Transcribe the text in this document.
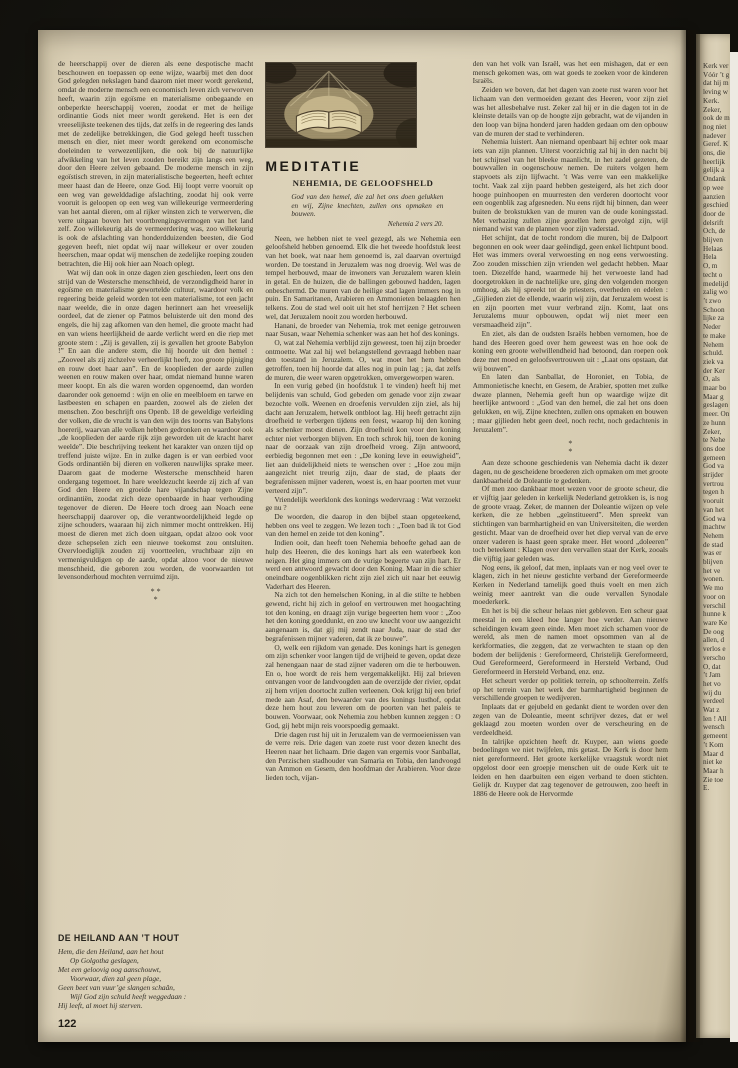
de heerschappij over de dieren als eene despotische macht beschouwen en toepassen op eene wijze, waarbij met den door God gelegden nekslagen band daarom niet meer wordt gerekend, omdat de moderne mensch een economisch leven zich verworven heeft, waarin zijn egoïsme en materialisme onbegaande en onbeperkte heerschappij voeren, zoodat er met de heilige ordinantie Gods niet meer wordt gerekend. Het is een der vreeselijkste teekenen des tijds, dat zelfs in de regeering des lands met de zedelijke betrekkingen, die God gelegd heeft tusschen mensch en dier, niet meer wordt gerekend om economische doeleinden te verwezenlijken, die ook bij de natuurlijke afwikkeling van het leven zouden bereikt zijn langs een weg, door den Heere zelven gebaand. De moderne mensch in zijn egoïstisch streven, in zijn materialistische begeerten, heeft echter meer haast dan de Heere, onze God. Hij loopt verre vooruit op een weg van gewelddadige afslachting, zoodat hij ook verre vooruit is geloopen op een weg van willekeurige vermeerdering van het aantal dieren, om al rijker winsten zich te verwerven, die verre uitgaan boven het voortbrengingsvermogen van het land zelf. Zoo willekeurig als de vermeerdering was, zoo willekeurig is ook de afslachting van honderdduizenden beesten, die God gegeven heeft, niet opdat wij naar willekeur er over zouden heerschen, maar opdat wij menschen de zedelijke roeping zouden betrachten, die Hij ook hier aan Noach oplegt.

Wat wij dan ook in onze dagen zien geschieden, leert ons den strijd van de Westersche menschheid, de verzondigdheid harer in egoïsme en materialisme gewortelde cultuur, waardoor volk en regeering beide geleid worden tot een materialisme, tot een jacht naar weelde, die in onze dagen herinnert aan het vreeselijk oordeel, dat de ziener op Patmos beluisterde uit den mond des engels, die hij zag afkomen van den hemel, die groote macht had en van wiens heerlijkheid de aarde verlicht werd en die riep met groote stem : „Zij is gevallen, zij is gevallen het groote Babylon !” En aan die andere stem, die hij hoorde uit den hemel : „Zooveel als zij zichzelve verheerlijkt heeft, zoo groote pijniging en rouw doet haar aan”. En de kooplieden der aarde zullen weenen en rouw maken over haar, omdat niemand hunne waren meer koopt. En als die waren worden opgenoemd, dan worden daaronder ook genoemd : wijn en olie en meelbloem en tarwe en lastbeesten en schapen en paarden, zoowel als de zielen der menschen. Zoo beschrijft ons Openb. 18 de geweldige verleiding der volken, die de vrucht is van den wijn des toorns van Babylons hoererij, waarvan alle volken hebben gedronken en waardoor ook „de kooplieden der aarde rijk zijn geworden uit de kracht harer weelde”. Die beschrijving teekent het karakter van onzen tijd op treffend juiste wijze. En in zulke dagen is er van eerbied voor Gods ordinantiën bij dieren en volkeren nauwlijks sprake meer. Daarom gaat de moderne Westersche menschheid haren ondergang tegemoet. In hare weeldezucht keerde zij zich af van God den Heere en groeide hare vijandschap tegen Zijne ordinantiën, zoodat zich deze openbaarde in haar verhouding tegenover de dieren. De Heere toch droeg aan Noach eene heerschappij daarover op, die verantwoordelijkheid legde op zijne schouders, waaraan hij zich nimmer mocht onttrekken. Hij moest de dieren met zich doen uitgaan, opdat alzoo ook voor deze schepselen zich een nieuwe toekomst zou ontsluiten. Overvloediglijk zouden zij voortteelen, vruchtbaar zijn en vermenigvuldigen op de aarde, opdat alzoo voor de nieuwe menschheid, die geboren zou worden, de voorwaarden tot levensonderhoud mochten verruimd zijn.

* *
*
DE HEILAND AAN ’T HOUT
Hem, die den Heiland, aan het hout
Op Golgotha geslagen,
Met een geloovig oog aanschouwt,
Voorwaar, dien zal geen plage,
Geen beet van vuur’ge slangen schaân,
Wijl God zijn schuld heeft weggedaan :
Hij leeft, al moet hij sterven.
122
MEDITATIE
NEHEMIA, DE GELOOFSHELD
God van den hemel, die zal het ons doen gelukken en wij, Zijne knechten, zullen ons opmaken en bouwen.
Nehemia 2 vers 20.

Neen, we hebben niet te veel gezegd, als we Nehemia een geloofsheld hebben genoemd. Elk die het tweede hoofdstuk leest van het boek, wat naar hem genoemd is, zal daarvan overtuigd worden. De toestand in Jeruzalem was nog droevig. Wel was de tempel herbouwd, maar de inwoners van Jeruzalem waren klein in getal. En de huizen, die de ballingen gebouwd hadden, lagen onbeschermd. De muren van de heilige stad lagen immers nog in puin. En Samaritanen, Arabieren en Ammonieten belaagden hen telkens. Zou de stad wel ooit uit het stof herrijzen ? Het scheen wel, dat Jeruzalem nooit zou worden herbouwd.

Hanani, de broeder van Nehemia, trok met eenige getrouwen naar Susan, waar Nehemia schenker was aan het hof des konings.

O, wat zal Nehemia verblijd zijn geweest, toen hij zijn broeder ontmoette. Wat zal hij wel belangstellend gevraagd hebben naar den toestand in Jeruzalem. O, wat moet het hem hebben getroffen, toen hij hoorde dat alles nog in puin lag ; ja, dat zelfs de muren, die weer waren opgetrokken, omvergeworpen waren.

In een vurig gebed (in hoofdstuk 1 te vinden) heeft hij met belijdenis van schuld, God gebeden om genade voor zijn zwaar bezochte volk. Weenen en droefenis vervulden zijn ziel, als hij dacht aan Jeruzalem, hetwelk ontbloot lag. Hij heeft getracht zijn droefheid te verbergen tijdens een feest, waarop hij den koning als schenker moest dienen. Zijn droefheid kon voor den koning echter niet verborgen blijven. En toch schrok hij, toen de koning naar de oorzaak van zijn droefheid vroeg. Zijn antwoord, eerbiedig begonnen met een : „De koning leve in eeuwigheid”, liet aan duidelijkheid niets te wenschen over : „Hoe zou mijn aangezicht niet treurig zijn, daar de stad, de plaats der begrafenissen mijner vaderen, woest is, en haar poorten met vuur verteerd zijn”.

Vriendelijk weerklonk des konings wedervraag : Wat verzoekt ge nu ?

De woorden, die daarop in den bijbel staan opgeteekend, hebben ons veel te zeggen. We lezen toch : „Toen bad ik tot God van den hemel en zeide tot den koning”.

Indien ooit, dan heeft toen Nehemia behoefte gehad aan de hulp des Heeren, die des konings hart als een waterbeek kon neigen. Het ging immers om de vurige begeerte van zijn hart. Er werd een antwoord gewacht door den Koning. Maar in die schier oneindbare oogenblikken richt zijn ziel zich uit naar het eeuwig Vaderhart des Heeren.

Na zich tot den hemelschen Koning, in al die stilte te hebben gewend, richt hij zich in geloof en vertrouwen met hoogachting tot den koning, en draagt zijn vurige begeerten hem voor : „Zoo het den koning goeddunkt, en zoo uw knecht voor uw aangezicht aangenaam is, dat gij mij zendt naar Juda, naar de stad der begrafenissen mijner vaderen, dat ik ze bouwe”.

O, welk een rijkdom van genade. Des konings hart is genegen om zijn schenker voor langen tijd de vrijheid te geven, opdat deze zal henengaan naar de stad zijner vaderen om die te herbouwen. En o, hoe wordt de reis hem vergemakkelijkt. Hij zal brieven ontvangen voor de landvoogden aan de overzijde der rivier, opdat zij hem vrijen doortocht zullen verleenen. Ook krijgt hij een brief mede aan Asaf, den bewaarder van des konings lusthof, opdat deze hem hout zou leveren om de poorten van het paleis te bouwen. Voorwaar, ook Nehemia zou hebben kunnen zeggen : O God, gij hebt mijn reis voorspoedig gemaakt.

Drie dagen rust hij uit in Jeruzalem van de vermoeienissen van de verre reis. Drie dagen van zoete rust voor dezen knecht des Heeren naar het lichaam. Drie dagen van ergernis voor Sanballat, den Perzischen stadhouder van Samaria en Tobia, den landvoogd van Ammon en Gesem, den hoofdman der Arabieren. Voor deze lieden toch, vijan-

den van het volk van Israël, was het een mishagen, dat er een mensch gekomen was, om wat goeds te zoeken voor de kinderen Israëls.

Zeiden we boven, dat het dagen van zoete rust waren voor het lichaam van den vermoeiden gezant des Heeren, voor zijn ziel was het allesbehalve rust. Zeker zal hij er in die dagen tot in de kleinste details van op de hoogte zijn gebracht, wat de vijanden in den loop van bijna honderd jaren hadden gedaan om den opbouw van de muren der stad te verhinderen.

Nehemia luistert. Aan niemand openbaart hij echter ook maar iets van zijn plannen. Uiterst voorzichtig zal hij in den nacht bij het schijnsel van het bleeke maanlicht, in het zadel gezeten, de bouwvallen in oogenschouw nemen. De ruiters volgen hem stapvoets als zijn lijfwacht. ’t Was verre van een makkelijke tocht. Vaak zal zijn paard hebben gesteigerd, als het zich door hooge puinhoopen en muurresten den verderen doortocht voor een oogenblik zag afgesneden. Nu eens rijdt hij binnen, dan weer buiten de brokstukken van de muren van de oude koningsstad. Met verbazing zullen zijne gezellen hem gevolgd zijn, wijl niemand wist van de plannen voor zijn vaderstad.

Het schijnt, dat de tocht rondom die muren, bij de Dalpoort begonnen en ook weer daar geëindigd, geen enkel lichtpunt bood. Het was immers overal verwoesting en nog eens verwoesting. Zoo zouden misschien zijn vrienden wel gedacht hebben. Maar toen. Diezelfde hand, waarmede hij het verwoeste land had doorgetrokken in de nachtelijke ure, ging den volgenden morgen omhoog, als hij spreekt tot de priesters, overheden en edelen : „Gijlieden ziet de ellende, waarin wij zijn, dat Jeruzalem woest is en zijn poorten met vuur verbrand zijn. Komt, laat ons Jeruzalems muur opbouwen, opdat wij niet meer een versmaadheid zijn”.

En ziet, als dan de oudsten Israëls hebben vernomen, hoe de hand des Heeren goed over hem geweest was en hoe ook de koning een groote welwillendheid had betoond, dan roepen ook deze met moed en geloofsvertrouwen uit : „Laat ons opstaan, dat wij bouwen”.

En laten dan Sanballat, de Horoniet, en Tobia, de Ammonietische knecht, en Gesem, de Arabier, spotten met zulke dwaze plannen, Nehemia geeft hun op waardige wijze dit heerlijke antwoord : „God van den hemel, die zal het ons doen gelukken, en wij, Zijne knechten, zullen ons opmaken en bouwen ; maar gijlieden hebt geen deel, noch recht, noch gedachtenis in Jeruzalem”.

*
*

Aan deze schoone geschiedenis van Nehemia dacht ik dezer dagen, nu de gescheidene broederen zich opmaken om met groote dankbaarheid de Doleantie te gedenken.

Of men zoo dankbaar moet wezen voor de groote scheur, die er vijftig jaar geleden in kerkelijk Nederland getrokken is, is nog de groote vraag. Zeker, de mannen der Doleantie wijzen op vele kerken, die ze hebben „geïnstitueerd”. Men spreekt van stichtingen van barmhartigheid en van Universiteiten, die werden gesticht. Maar van de droefheid over het diep verval van de erve onzer vaderen is haast geen sprake meer. Het woord „doleeren” toch beteekent : Klagen over den vervallen staat der Kerk, zooals die vijftig jaar geleden was.

Nog eens, ik geloof, dat men, inplaats van er nog veel over te klagen, zich in het nieuw gestichte verband der Gereformeerde Kerken in Nederland tamelijk goed thuis voelt en men zich weinig meer aantrekt van die oude vervallen Synodale moederkerk.

En het is bij die scheur helaas niet gebleven. Een scheur gaat meestal in een kleed hoe langer hoe verder. Aan nieuwe scheidingen kwam geen einde. Men moet zich schamen voor de wereld, als men de namen moet opsommen van al de kerkformaties, die zeggen, dat ze verwachten te staan op den bodem der belijdenis : Gereformeerd, Christelijk Gereformeerd, Oud Gereformeerd, Gereformeerd in Hersteld Verband, Oud Gereformeerd in Hersteld Verband, enz. enz.

Het scheurt verder op politiek terrein, op schoolterrein. Zelfs op het terrein van het werk der barmhartigheid beginnen de verschillende groepen te wedijveren.

Inplaats dat er gejubeld en gedankt dient te worden over den zegen van de Doleantie, meent schrijver dezes, dat er wel geklaagd zou moeten worden over de verscheuring en de verdeeldheid.

In talrijke opzichten heeft dr. Kuyper, aan wiens goede bedoelingen we niet twijfelen, mis getast. De Kerk is door hem niet gereformeerd. Het groote kerkelijke vraagstuk wordt niet opgelost door een groepje menschen uit de oude Kerk uit te leiden en hen daarbuiten een eigen verband te doen stichten. Gelijk dr. Kuyper dat zag tegenover de getrouwen, zoo heeft in 1886 de Heere ook de Hervormde

Kerk ver
Vóór ’t g
dat hij m
leving w
Kerk.
Zeker,
ook de m
nog niet
nadever
Geref. K
ons, die
heerlijk
gelijk a
Ondank
op wee
aanzien
geschied
door de
delsrift
Och, de
blijven
Helaas
Hela
O, m
techt o
medelijd
zalig wo
’t zwo
Schoon
lijke za
Neder
te make
Nehem
schuld.
ziek va
der Ker
O, als
maar bo
Maar g
geslagen
meer. On
ze hunn
Zeker,
te Nehe
ons doe
gemeen
God va
strijder
vertrou
tegen h
vooruit
van het
God wa
machtw
Nehem
de stad
was er
blijven
het ve
wonen.
We mo
voor on
verschil
hunne k
ware Ke
De oog
allen, d
verlos e
verscho
O, dat
’t Jam
het vo
wij du
verdeel
Wat z
len ! All
wensch
gemeent
’t Kom
Maar d
niet ke
Maar h
Zie toe
E.
